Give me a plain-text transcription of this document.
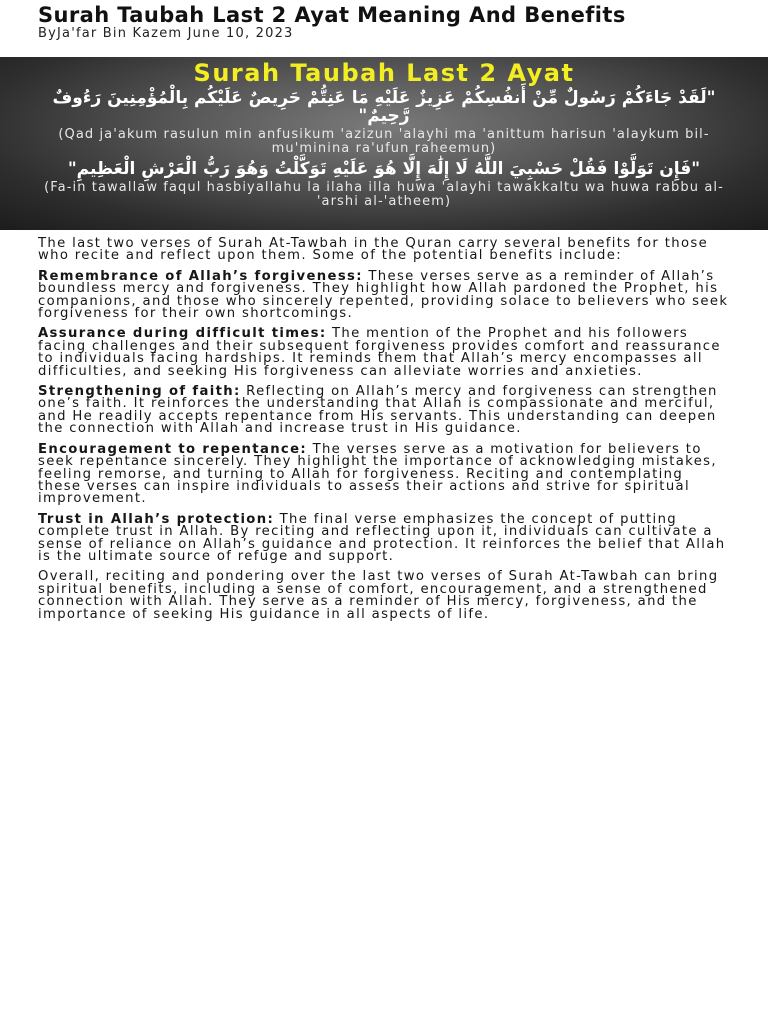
Surah Taubah Last 2 Ayat Meaning And Benefits
ByJa'far Bin Kazem June 10, 2023
Surah Taubah Last 2 Ayat
"لَقَدْ جَاءَكُمْ رَسُولٌ مِّنْ أَنفُسِكُمْ عَزِيزٌ عَلَيْهِ مَا عَنِتُّمْ حَرِيصٌ عَلَيْكُم بِالْمُؤْمِنِينَ رَءُوفٌ رَّحِيمٌ"
(Qad ja'akum rasulun min anfusikum 'azizun 'alayhi ma 'anittum harisun 'alaykum bil-mu'minina ra'ufun raheemun)
"فَإِن تَوَلَّوْا فَقُلْ حَسْبِيَ اللَّهُ لَا إِلَٰهَ إِلَّا هُوَ عَلَيْهِ تَوَكَّلْتُ وَهُوَ رَبُّ الْعَرْشِ الْعَظِيمِ"
(Fa-in tawallaw faqul hasbiyallahu la ilaha illa huwa 'alayhi tawakkaltu wa huwa rabbu al-'arshi al-'atheem)

The last two verses of Surah At-Tawbah in the Quran carry several benefits for those who recite and reflect upon them. Some of the potential benefits include:

Remembrance of Allah’s forgiveness: These verses serve as a reminder of Allah’s boundless mercy and forgiveness. They highlight how Allah pardoned the Prophet, his companions, and those who sincerely repented, providing solace to believers who seek forgiveness for their own shortcomings.

Assurance during difficult times: The mention of the Prophet and his followers facing challenges and their subsequent forgiveness provides comfort and reassurance to individuals facing hardships. It reminds them that Allah’s mercy encompasses all difficulties, and seeking His forgiveness can alleviate worries and anxieties.

Strengthening of faith: Reflecting on Allah’s mercy and forgiveness can strengthen one’s faith. It reinforces the understanding that Allah is compassionate and merciful, and He readily accepts repentance from His servants. This understanding can deepen the connection with Allah and increase trust in His guidance.

Encouragement to repentance: The verses serve as a motivation for believers to seek repentance sincerely. They highlight the importance of acknowledging mistakes, feeling remorse, and turning to Allah for forgiveness. Reciting and contemplating these verses can inspire individuals to assess their actions and strive for spiritual improvement.

Trust in Allah’s protection: The final verse emphasizes the concept of putting complete trust in Allah. By reciting and reflecting upon it, individuals can cultivate a sense of reliance on Allah’s guidance and protection. It reinforces the belief that Allah is the ultimate source of refuge and support.

Overall, reciting and pondering over the last two verses of Surah At-Tawbah can bring spiritual benefits, including a sense of comfort, encouragement, and a strengthened connection with Allah. They serve as a reminder of His mercy, forgiveness, and the importance of seeking His guidance in all aspects of life.
